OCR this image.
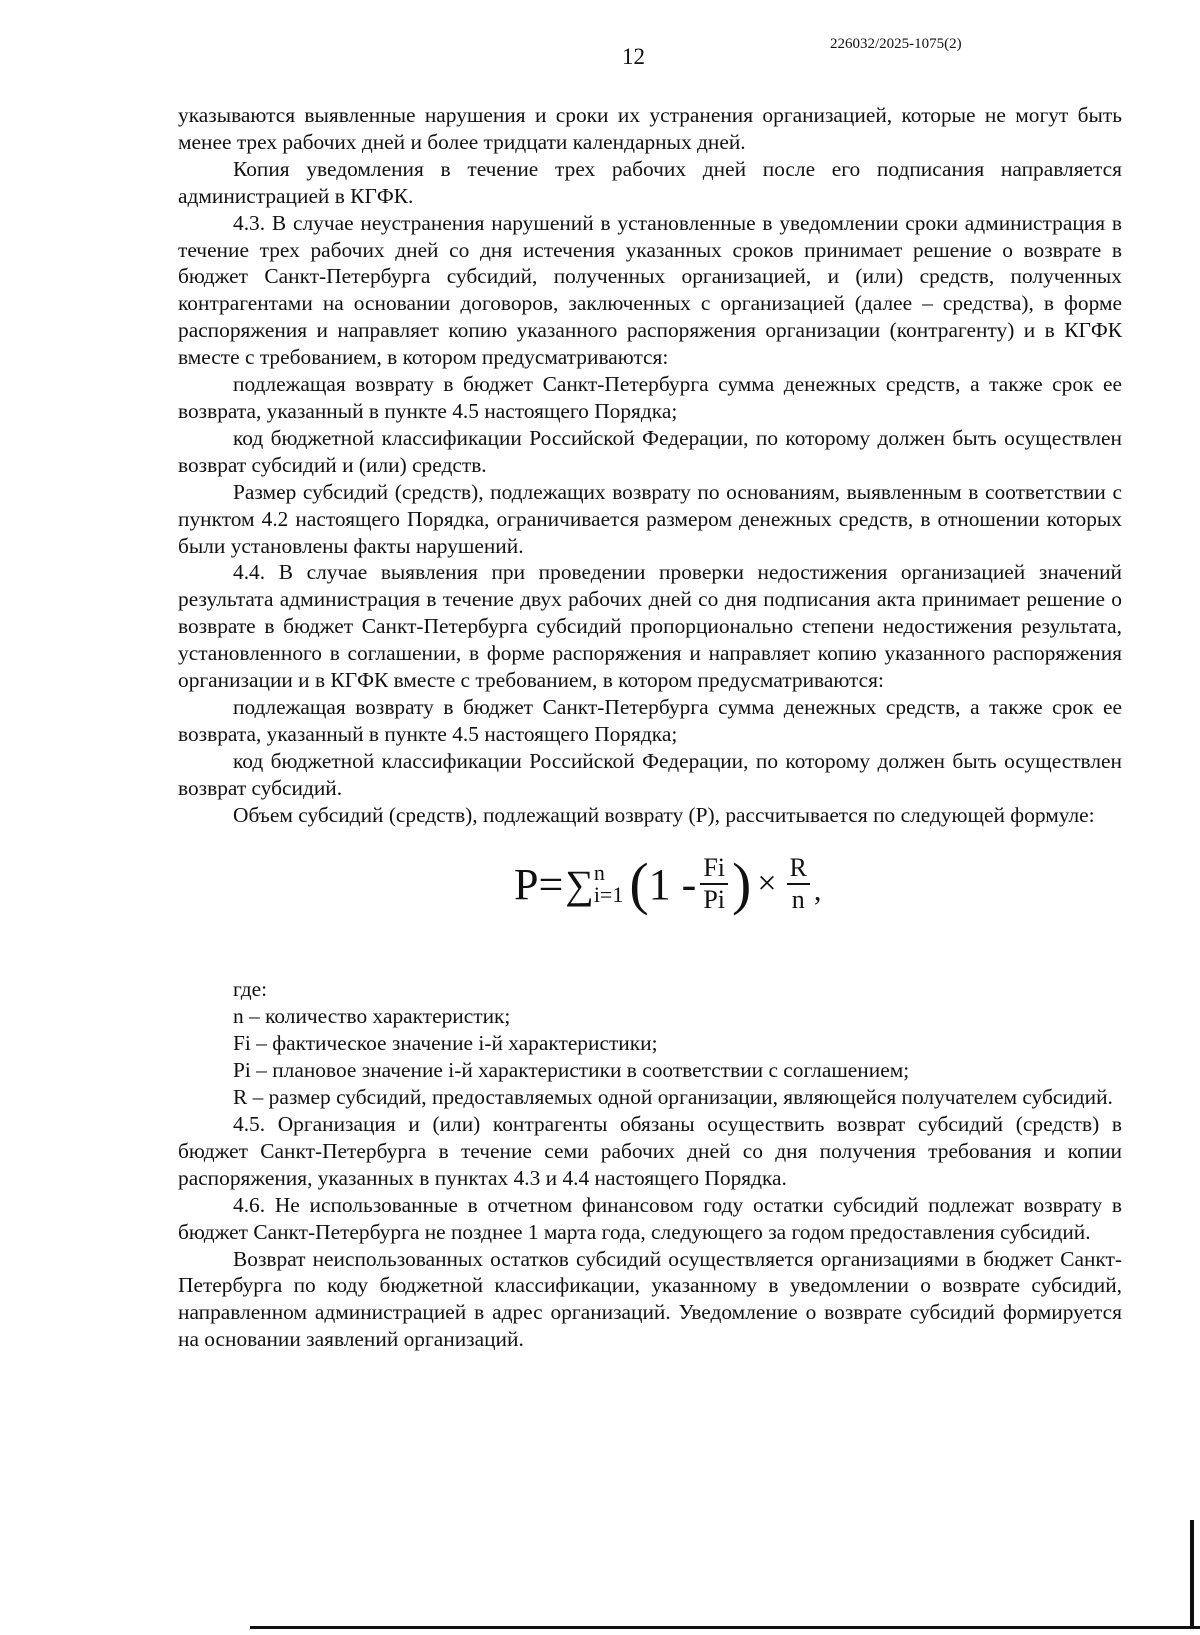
12	226032/2025-1075(2)

указываются выявленные нарушения и сроки их устранения организацией, которые не могут быть менее трех рабочих дней и более тридцати календарных дней.

Копия уведомления в течение трех рабочих дней после его подписания направляется администрацией в КГФК.

4.3. В случае неустранения нарушений в установленные в уведомлении сроки администрация в течение трех рабочих дней со дня истечения указанных сроков принимает решение о возврате в бюджет Санкт-Петербурга субсидий, полученных организацией, и (или) средств, полученных контрагентами на основании договоров, заключенных с организацией (далее – средства), в форме распоряжения и направляет копию указанного распоряжения организации (контрагенту) и в КГФК вместе с требованием, в котором предусматриваются:

подлежащая возврату в бюджет Санкт-Петербурга сумма денежных средств, а также срок ее возврата, указанный в пункте 4.5 настоящего Порядка;

код бюджетной классификации Российской Федерации, по которому должен быть осуществлен возврат субсидий и (или) средств.

Размер субсидий (средств), подлежащих возврату по основаниям, выявленным в соответствии с пунктом 4.2 настоящего Порядка, ограничивается размером денежных средств, в отношении которых были установлены факты нарушений.

4.4. В случае выявления при проведении проверки недостижения организацией значений результата администрация в течение двух рабочих дней со дня подписания акта принимает решение о возврате в бюджет Санкт-Петербурга субсидий пропорционально степени недостижения результата, установленного в соглашении, в форме распоряжения и направляет копию указанного распоряжения организации и в КГФК вместе с требованием, в котором предусматриваются:

подлежащая возврату в бюджет Санкт-Петербурга сумма денежных средств, а также срок ее возврата, указанный в пункте 4.5 настоящего Порядка;

код бюджетной классификации Российской Федерации, по которому должен быть осуществлен возврат субсидий.

Объем субсидий (средств), подлежащий возврату (Р), рассчитывается по следующей формуле:

P= ∑ n
i=1 ( $1 - \frac{Fi}{Pi}$ ) × $\frac{R}{n}$ ,

где:

n – количество характеристик;

Fi – фактическое значение i-й характеристики;

Pi – плановое значение i-й характеристики в соответствии с соглашением;

R – размер субсидий, предоставляемых одной организации, являющейся получателем субсидий.

4.5. Организация и (или) контрагенты обязаны осуществить возврат субсидий (средств) в бюджет Санкт-Петербурга в течение семи рабочих дней со дня получения требования и копии распоряжения, указанных в пунктах 4.3 и 4.4 настоящего Порядка.

4.6. Не использованные в отчетном финансовом году остатки субсидий подлежат возврату в бюджет Санкт-Петербурга не позднее 1 марта года, следующего за годом предоставления субсидий.

Возврат неиспользованных остатков субсидий осуществляется организациями в бюджет Санкт-Петербурга по коду бюджетной классификации, указанному в уведомлении о возврате субсидий, направленном администрацией в адрес организаций. Уведомление о возврате субсидий формируется на основании заявлений организаций.
